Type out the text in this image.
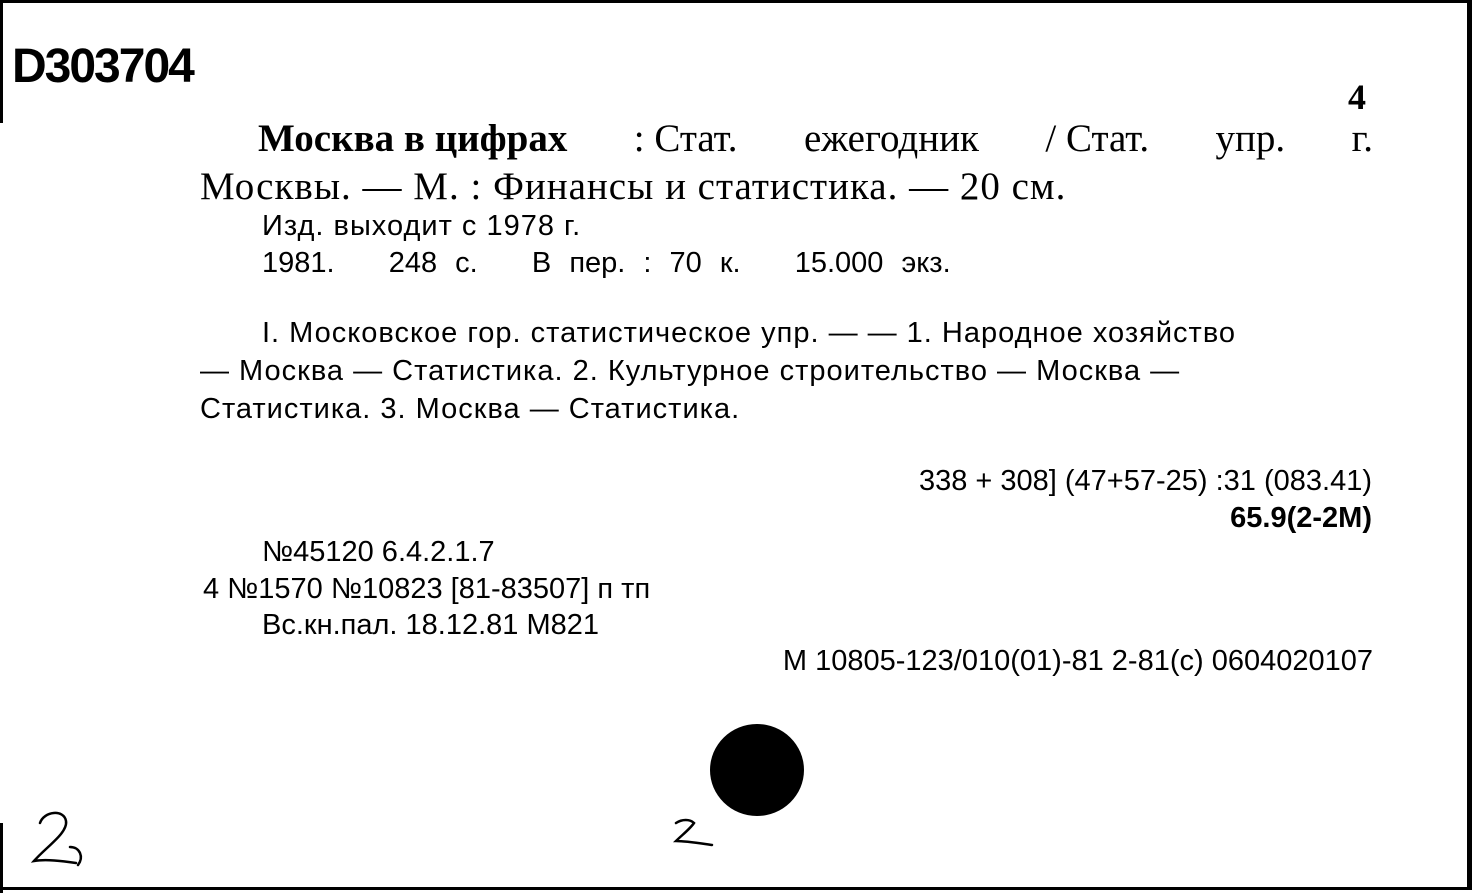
D303704
4
Москва в цифрах : Стат. ежегодник / Стат. упр. г.
Москвы. — М. : Финансы и статистика. — 20 см.
Изд. выходит с 1978 г.
1981.   248 с.   В пер. : 70 к.   15.000 экз.
I. Московское гор. статистическое упр. — — 1. Народное хозяйство
— Москва — Статистика. 2. Культурное строительство — Москва —
Статистика. 3. Москва — Статистика.
338 + 308] (47+57-25) :31 (083.41)
65.9(2-2М)
№45120 6.4.2.1.7
4 №1570 №10823 [81-83507] п тп
Вс.кн.пал. 18.12.81 М821
М 10805-123/010(01)-81 2-81(с) 0604020107
